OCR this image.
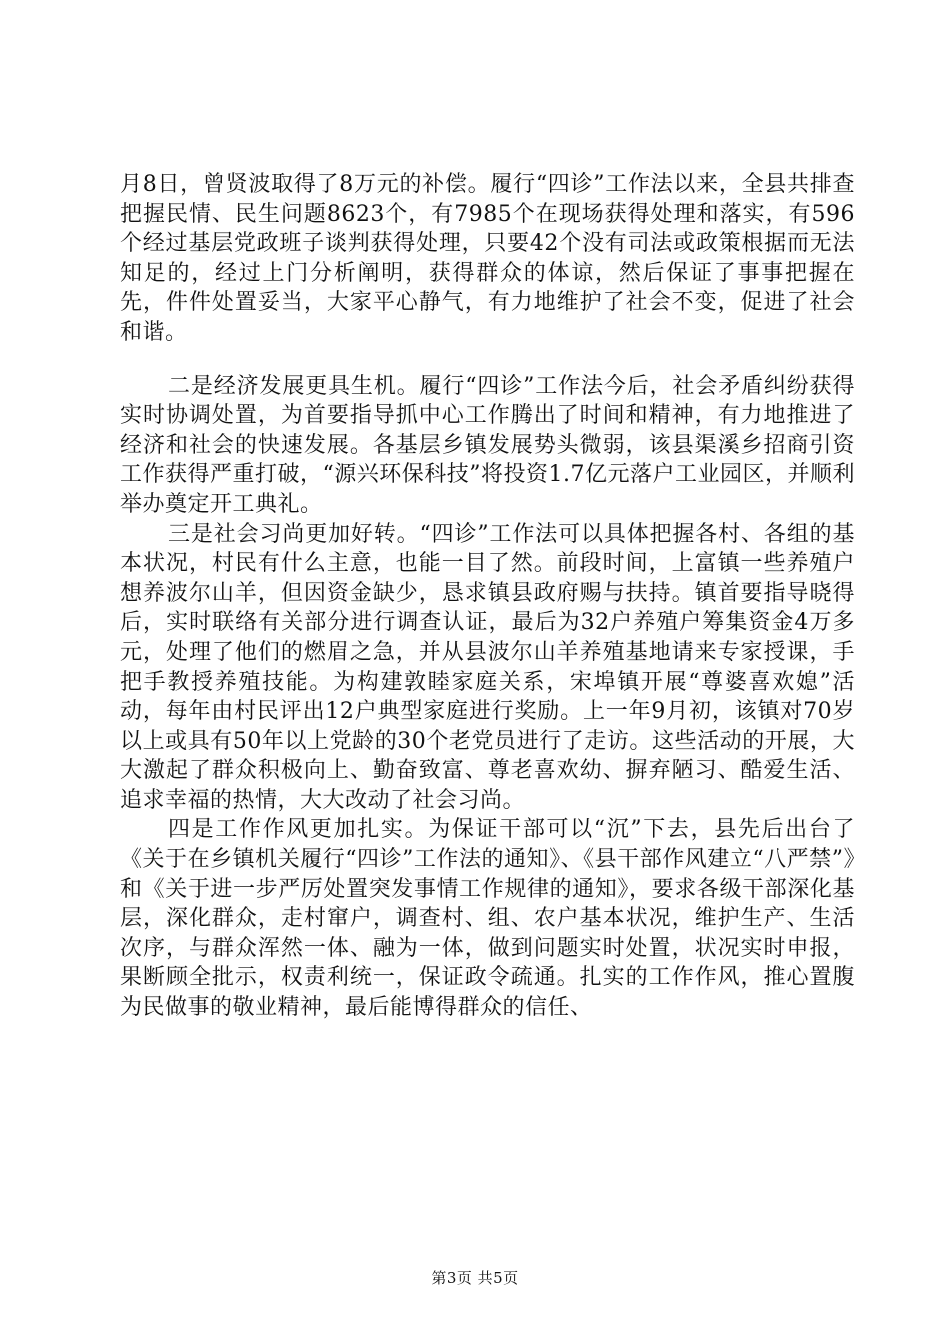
月8日，曾贤波取得了8万元的补偿。履行“四诊”工作法以来，全县共排查把握民情、民生问题8623个，有7985个在现场获得处理和落实，有596个经过基层党政班子谈判获得处理，只要42个没有司法或政策根据而无法知足的，经过上门分析阐明，获得群众的体谅，然后保证了事事把握在先，件件处置妥当，大家平心静气，有力地维护了社会不变，促进了社会和谐。

二是经济发展更具生机。履行“四诊”工作法今后，社会矛盾纠纷获得实时协调处置，为首要指导抓中心工作腾出了时间和精神，有力地推进了经济和社会的快速发展。各基层乡镇发展势头微弱，该县渠溪乡招商引资工作获得严重打破，“源兴环保科技”将投资1.7亿元落户工业园区，并顺利举办奠定开工典礼。

三是社会习尚更加好转。“四诊”工作法可以具体把握各村、各组的基本状况，村民有什么主意，也能一目了然。前段时间，上富镇一些养殖户想养波尔山羊，但因资金缺少，恳求镇县政府赐与扶持。镇首要指导晓得后，实时联络有关部分进行调查认证，最后为32户养殖户筹集资金4万多元，处理了他们的燃眉之急，并从县波尔山羊养殖基地请来专家授课，手把手教授养殖技能。为构建敦睦家庭关系，宋埠镇开展“尊婆喜欢媳”活动，每年由村民评出12户典型家庭进行奖励。上一年9月初，该镇对70岁以上或具有50年以上党龄的30个老党员进行了走访。这些活动的开展，大大激起了群众积极向上、勤奋致富、尊老喜欢幼、摒弃陋习、酷爱生活、追求幸福的热情，大大改动了社会习尚。

四是工作作风更加扎实。为保证干部可以“沉”下去，县先后出台了《关于在乡镇机关履行“四诊”工作法的通知》、《县干部作风建立“八严禁”》和《关于进一步严厉处置突发事情工作规律的通知》，要求各级干部深化基层，深化群众，走村窜户，调查村、组、农户基本状况，维护生产、生活次序，与群众浑然一体、融为一体，做到问题实时处置，状况实时申报，果断顾全批示，权责利统一，保证政令疏通。扎实的工作作风，推心置腹为民做事的敬业精神，最后能博得群众的信任、

第3页 共5页
